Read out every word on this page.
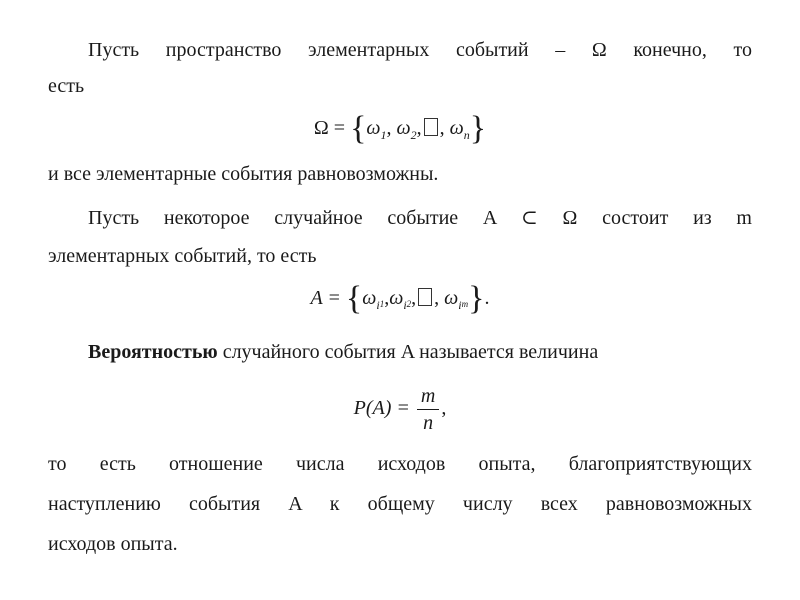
Пусть пространство элементарных событий – Ω конечно, то
есть
$\Omega = \{\omega_1$, $\omega_2$, , $\omega_n$}
и все элементарные события равновозможны.
Пусть некоторое случайное событие A ⊂ Ω состоит из m
элементарных событий, то есть
$A = \{\omega_i1,\omega_i2$, , $\omega_im$}.
Вероятностью случайного события A называется величина
$P(A) = \frac{m}{n}$ ,
то есть отношение числа исходов опыта, благоприятствующих
наступлению события A к общему числу всех равновозможных
исходов опыта.
